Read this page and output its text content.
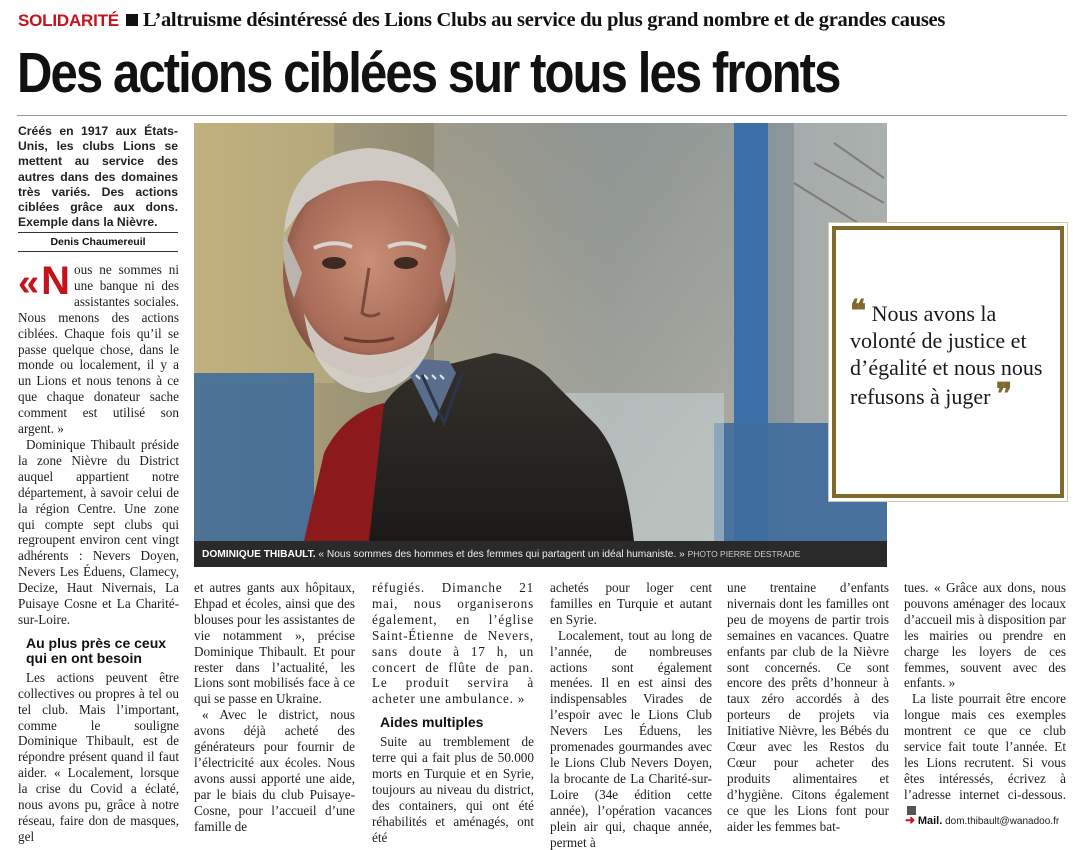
SOLIDARITÉ L’altruisme désintéressé des Lions Clubs au service du plus grand nombre et de grandes causes
Des actions ciblées sur tous les fronts
Créés en 1917 aux États-Unis, les clubs Lions se mettent au service des autres dans des domaines très variés. Des actions ciblées grâce aux dons. Exemple dans la Nièvre.
Denis Chaumereuil
DOMINIQUE THIBAULT. « Nous sommes des hommes et des femmes qui partagent un idéal humaniste. » PHOTO PIERRE DESTRADE
❝ Nous avons la volonté de justice et d’égalité et nous nous refusons à juger ❞

« N ous ne sommes ni une banque ni des assistantes sociales. Nous menons des actions ciblées. Chaque fois qu’il se passe quelque chose, dans le monde ou localement, il y a un Lions et nous tenons à ce que chaque donateur sache comment est utilisé son argent. »

Dominique Thibault préside la zone Nièvre du District auquel appartient notre département, à savoir celui de la région Centre. Une zone qui compte sept clubs qui regroupent environ cent vingt adhérents : Nevers Doyen, Nevers Les Éduens, Clamecy, Decize, Haut Nivernais, La Puisaye Cosne et La Charité-sur-Loire.

Au plus près ce ceux qui en ont besoin

Les actions peuvent être collectives ou propres à tel ou tel club. Mais l’important, comme le souligne Dominique Thibault, est de répondre présent quand il faut aider. « Localement, lorsque la crise du Covid a éclaté, nous avons pu, grâce à notre réseau, faire don de masques, gel

et autres gants aux hôpitaux, Ehpad et écoles, ainsi que des blouses pour les assistantes de vie notamment », précise Dominique Thibault. Et pour rester dans l’actualité, les Lions sont mobilisés face à ce qui se passe en Ukraine.

« Avec le district, nous avons déjà acheté des générateurs pour fournir de l’électricité aux écoles. Nous avons aussi apporté une aide, par le biais du club Puisaye-Cosne, pour l’accueil d’une famille de

réfugiés. Dimanche 21 mai, nous organiserons également, en l’église Saint-Étienne de Nevers, sans doute à 17 h, un concert de flûte de pan. Le produit servira à acheter une ambulance. »

Aides multiples

Suite au tremblement de terre qui a fait plus de 50.000 morts en Turquie et en Syrie, toujours au niveau du district, des containers, qui ont été réhabilités et aménagés, ont été

achetés pour loger cent familles en Turquie et autant en Syrie.

Localement, tout au long de l’année, de nombreuses actions sont également menées. Il en est ainsi des indispensables Virades de l’espoir avec le Lions Club Nevers Les Éduens, les promenades gourmandes avec le Lions Club Nevers Doyen, la brocante de La Charité-sur-Loire (34e édition cette année), l’opération vacances plein air qui, chaque année, permet à

une trentaine d’enfants nivernais dont les familles ont peu de moyens de partir trois semaines en vacances. Quatre enfants par club de la Nièvre sont concernés. Ce sont encore des prêts d’honneur à taux zéro accordés à des porteurs de projets via Initiative Nièvre, les Bébés du Cœur avec les Restos du Cœur pour acheter des produits alimentaires et d’hygiène. Citons également ce que les Lions font pour aider les femmes bat-

tues. « Grâce aux dons, nous pouvons aménager des locaux d’accueil mis à disposition par les mairies ou prendre en charge les loyers de ces femmes, souvent avec des enfants. »

La liste pourrait être encore longue mais ces exemples montrent ce que ce club service fait toute l’année. Et les Lions recrutent. Si vous êtes intéressés, écrivez à l’adresse internet ci-dessous.

➜ Mail. dom.thibault@wanadoo.fr
